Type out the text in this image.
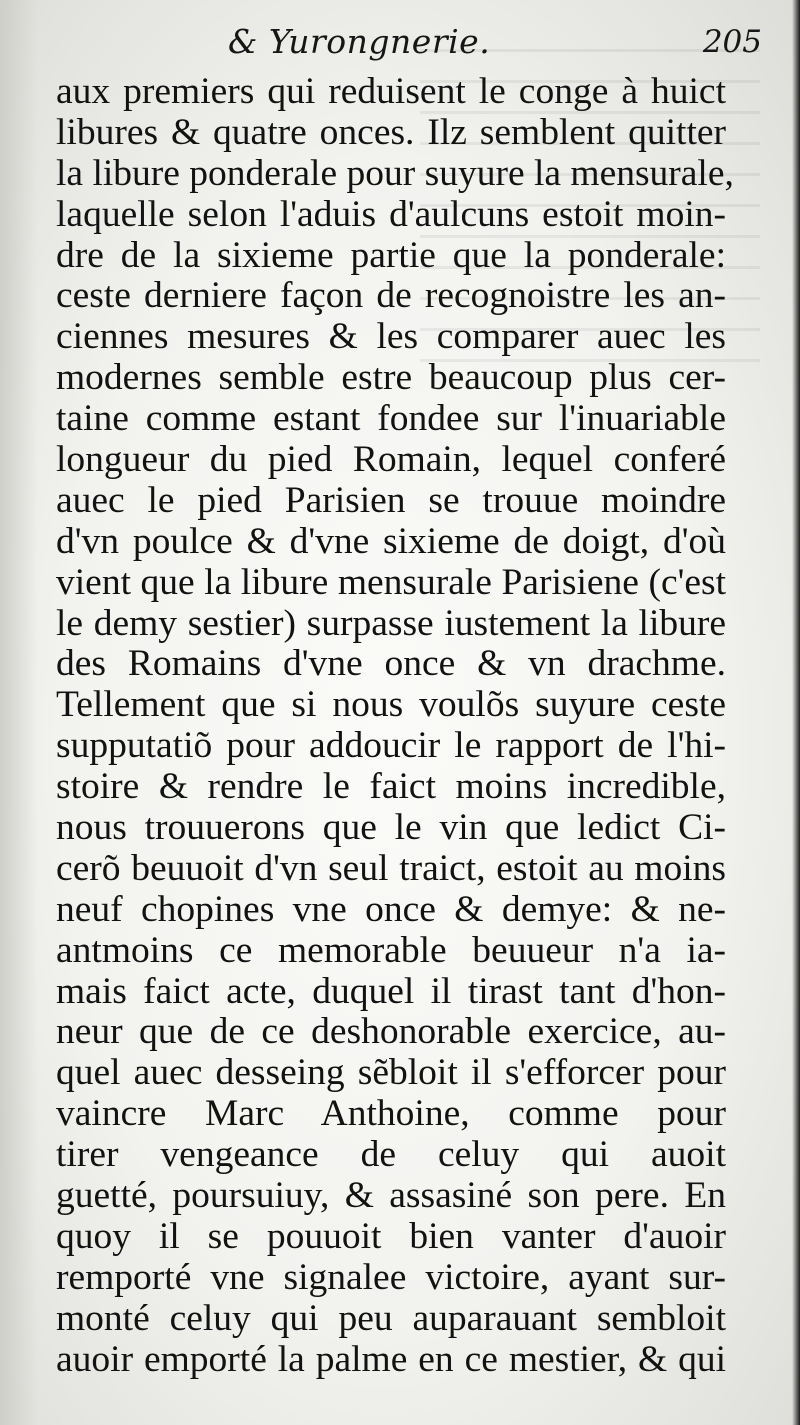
& Yurongnerie.	205
aux premiers qui reduisent le conge à huict
libures & quatre onces. Ilz semblent quitter
la libure ponderale pour suyure la mensurale,
laquelle selon l'aduis d'aulcuns estoit moin-
dre de la sixieme partie que la ponderale:
ceste derniere façon de recognoistre les an-
ciennes mesures & les comparer auec les
modernes semble estre beaucoup plus cer-
taine comme estant fondee sur l'inuariable
longueur du pied Romain, lequel conferé
auec le pied Parisien se trouue moindre
d'vn poulce & d'vne sixieme de doigt, d'où
vient que la libure mensurale Parisiene (c'est
le demy sestier) surpasse iustement la libure
des Romains d'vne once & vn drachme.
Tellement que si nous voulõs suyure ceste
supputatiõ pour addoucir le rapport de l'hi-
stoire & rendre le faict moins incredible,
nous trouuerons que le vin que ledict Ci-
cerõ beuuoit d'vn seul traict, estoit au moins
neuf chopines vne once & demye: & ne-
antmoins ce memorable beuueur n'a ia-
mais faict acte, duquel il tirast tant d'hon-
neur que de ce deshonorable exercice, au-
quel auec desseing sẽbloit il s'efforcer pour
vaincre Marc Anthoine, comme pour
tirer vengeance de celuy qui auoit
guetté, poursuiuy, & assasiné son pere. En
quoy il se pouuoit bien vanter d'auoir
remporté vne signalee victoire, ayant sur-
monté celuy qui peu auparauant sembloit
auoir emporté la palme en ce mestier, & qui
